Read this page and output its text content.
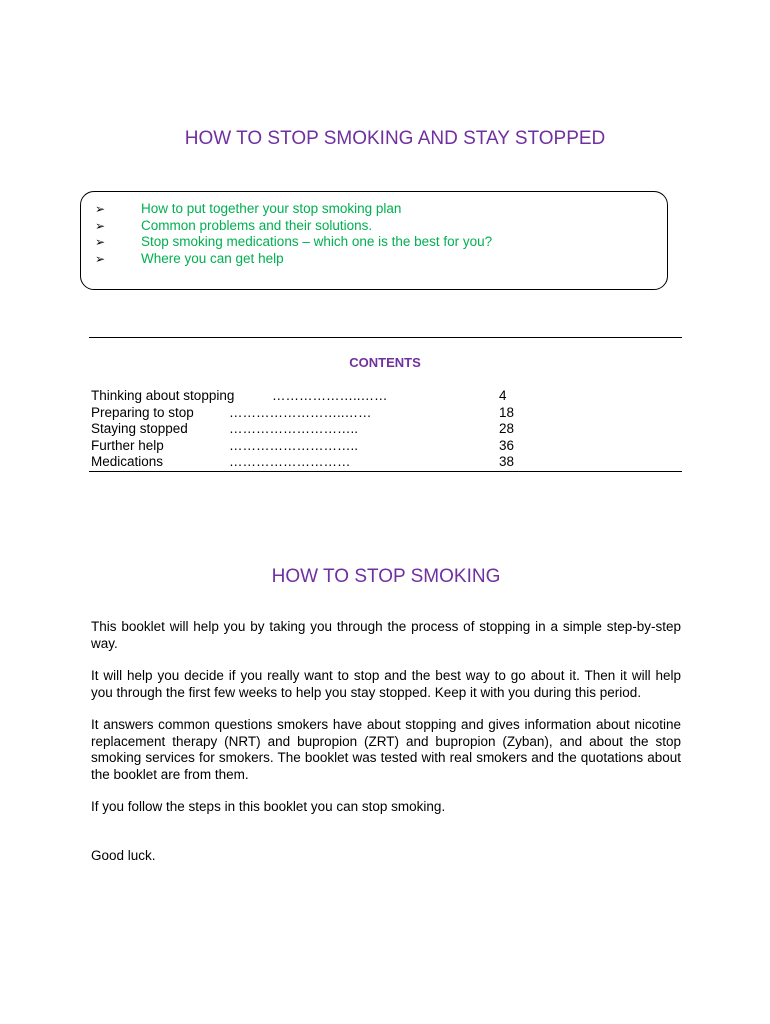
HOW TO STOP SMOKING AND STAY STOPPED
➢	How to put together your stop smoking plan
➢	Common problems and their solutions.
➢	Stop smoking medications – which one is the best for you?
➢	Where you can get help
CONTENTS
Thinking about stopping	………………..……	4
Preparing to stop	……………………..……	18
Staying stopped	………………………..	28
Further help	………………………..	36
Medications	………………………	38
HOW TO STOP SMOKING

This booklet will help you by taking you through the process of stopping in a simple step-by-step way.

It will help you decide if you really want to stop and the best way to go about it. Then it will help you through the first few weeks to help you stay stopped. Keep it with you during this period.

It answers common questions smokers have about stopping and gives information about nicotine replacement therapy (NRT) and bupropion (ZRT) and bupropion (Zyban), and about the stop smoking services for smokers. The booklet was tested with real smokers and the quotations about the booklet are from them.

If you follow the steps in this booklet you can stop smoking.

Good luck.
